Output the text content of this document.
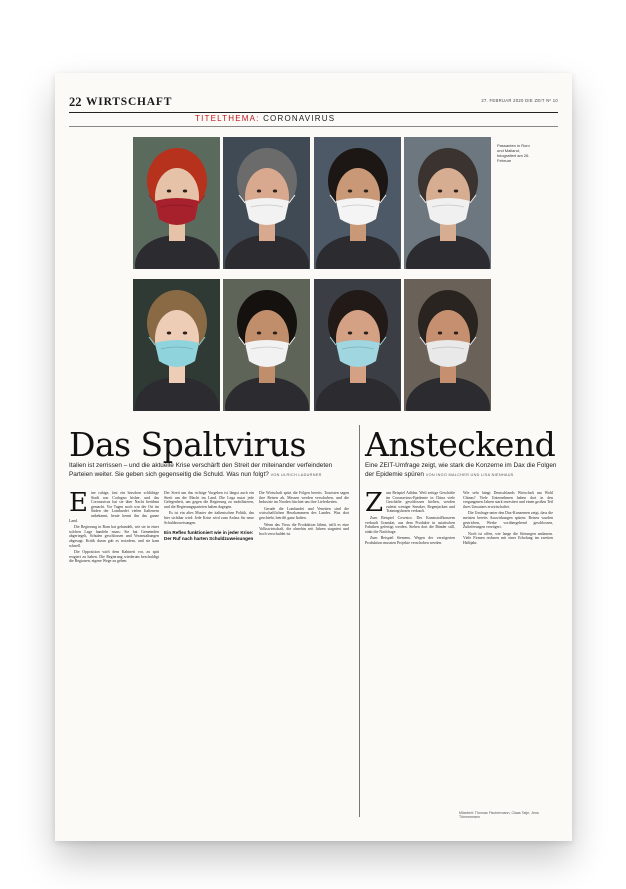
22 WIRTSCHAFT	27. FEBRUAR 2020 DIE ZEIT Nº 10
TITELTHEMA: CORONAVIRUS
Passanten in Rom und Mailand, fotografiert am 26. Februar
Das Spaltvirus Ansteckend
Italien ist zerrissen – und die aktuelle Krise verschärft den Streit der miteinander verfeindeten Parteien weiter. Sie geben sich gegenseitig die Schuld. Was nun folgt? VON ULRICH LADURNER
Eine ZEIT-Umfrage zeigt, wie stark die Konzerne im Dax die Folgen der Epidemie spüren VON INGO MALCHER UND LISA NIENHAUS
E ine ruhige, fast ein bisschen schläfrige Stadt war Codogno bisher, und das Coronavirus hat sie über Nacht berühmt gemacht. Vor Tagen noch war der Ort im Süden der Lombardei vielen Italienern unbekannt, heute kennt ihn das ganze Land.

Die Regierung in Rom hat gehandelt, wie sie in einer solchen Lage handeln muss: Sie hat Gemeinden abgeriegelt, Schulen geschlossen und Veranstaltungen abgesagt. Kritik daran gab es trotzdem, und sie kam schnell.

Die Opposition wirft dem Kabinett vor, zu spät reagiert zu haben. Die Regierung wiederum beschuldigt die Regionen, eigene Wege zu gehen.

Der Streit um das richtige Vorgehen ist längst auch ein Streit um die Macht im Land. Die Lega nutzt jede Gelegenheit, um gegen die Regierung zu mobilisieren, und die Regierungsparteien halten dagegen.

Es ist ein altes Muster der italienischen Politik, das hier sichtbar wird: Jede Krise wird zum Anlass für neue Schuldzuweisungen.

Ein Reflex funktioniert wie in jeder Krise: Der Ruf nach harten Schuldzuweisungen

Die Wirtschaft spürt die Folgen bereits. Touristen sagen ihre Reisen ab, Messen werden verschoben, und die Industrie im Norden fürchtet um ihre Lieferketten.

Gerade die Lombardei und Venetien sind die wirtschaftlichen Herzkammern des Landes. Was dort geschieht, betrifft ganz Italien.

Wenn das Virus die Produktion lähmt, trifft es eine Volkswirtschaft, die ohnehin seit Jahren stagniert und hoch verschuldet ist.

Z um Beispiel Adidas. Weil zeitige Geschäfte im Coronavirus-Epidemie in China viele Geschäfte geschlossen hielten, werden zuletzt weniger Sneaker, Regenjacken und Trainingshosen verkauft.

Zum Beispiel Covestro. Der Kunststoffkonzern verkauft Granulat, aus dem Produkte in asiatischen Fabriken gefertigt werden. Stehen dort die Bänder still, sinkt die Nachfrage.

Zum Beispiel Siemens. Wegen der verzögerten Produktion mussten Projekte verschoben werden.

Wie sehr hängt Deutschlands Wirtschaft am Wohl Chinas? Viele Unternehmen haben dort in den vergangenen Jahren stark investiert und einen großen Teil ihres Umsatzes erwirtschaftet.

Die Umfrage unter den Dax-Konzernen zeigt, dass die meisten bereits Auswirkungen spüren: Reisen wurden gestrichen, Werke vorübergehend geschlossen, Zulieferungen verzögert.

Noch ist offen, wie lange die Störungen andauern. Viele Firmen rechnen mit einer Erholung im zweiten Halbjahr.

Mitarbeit: Thomas Fischermann, Claas Tatje, Jens Tönnesmann
